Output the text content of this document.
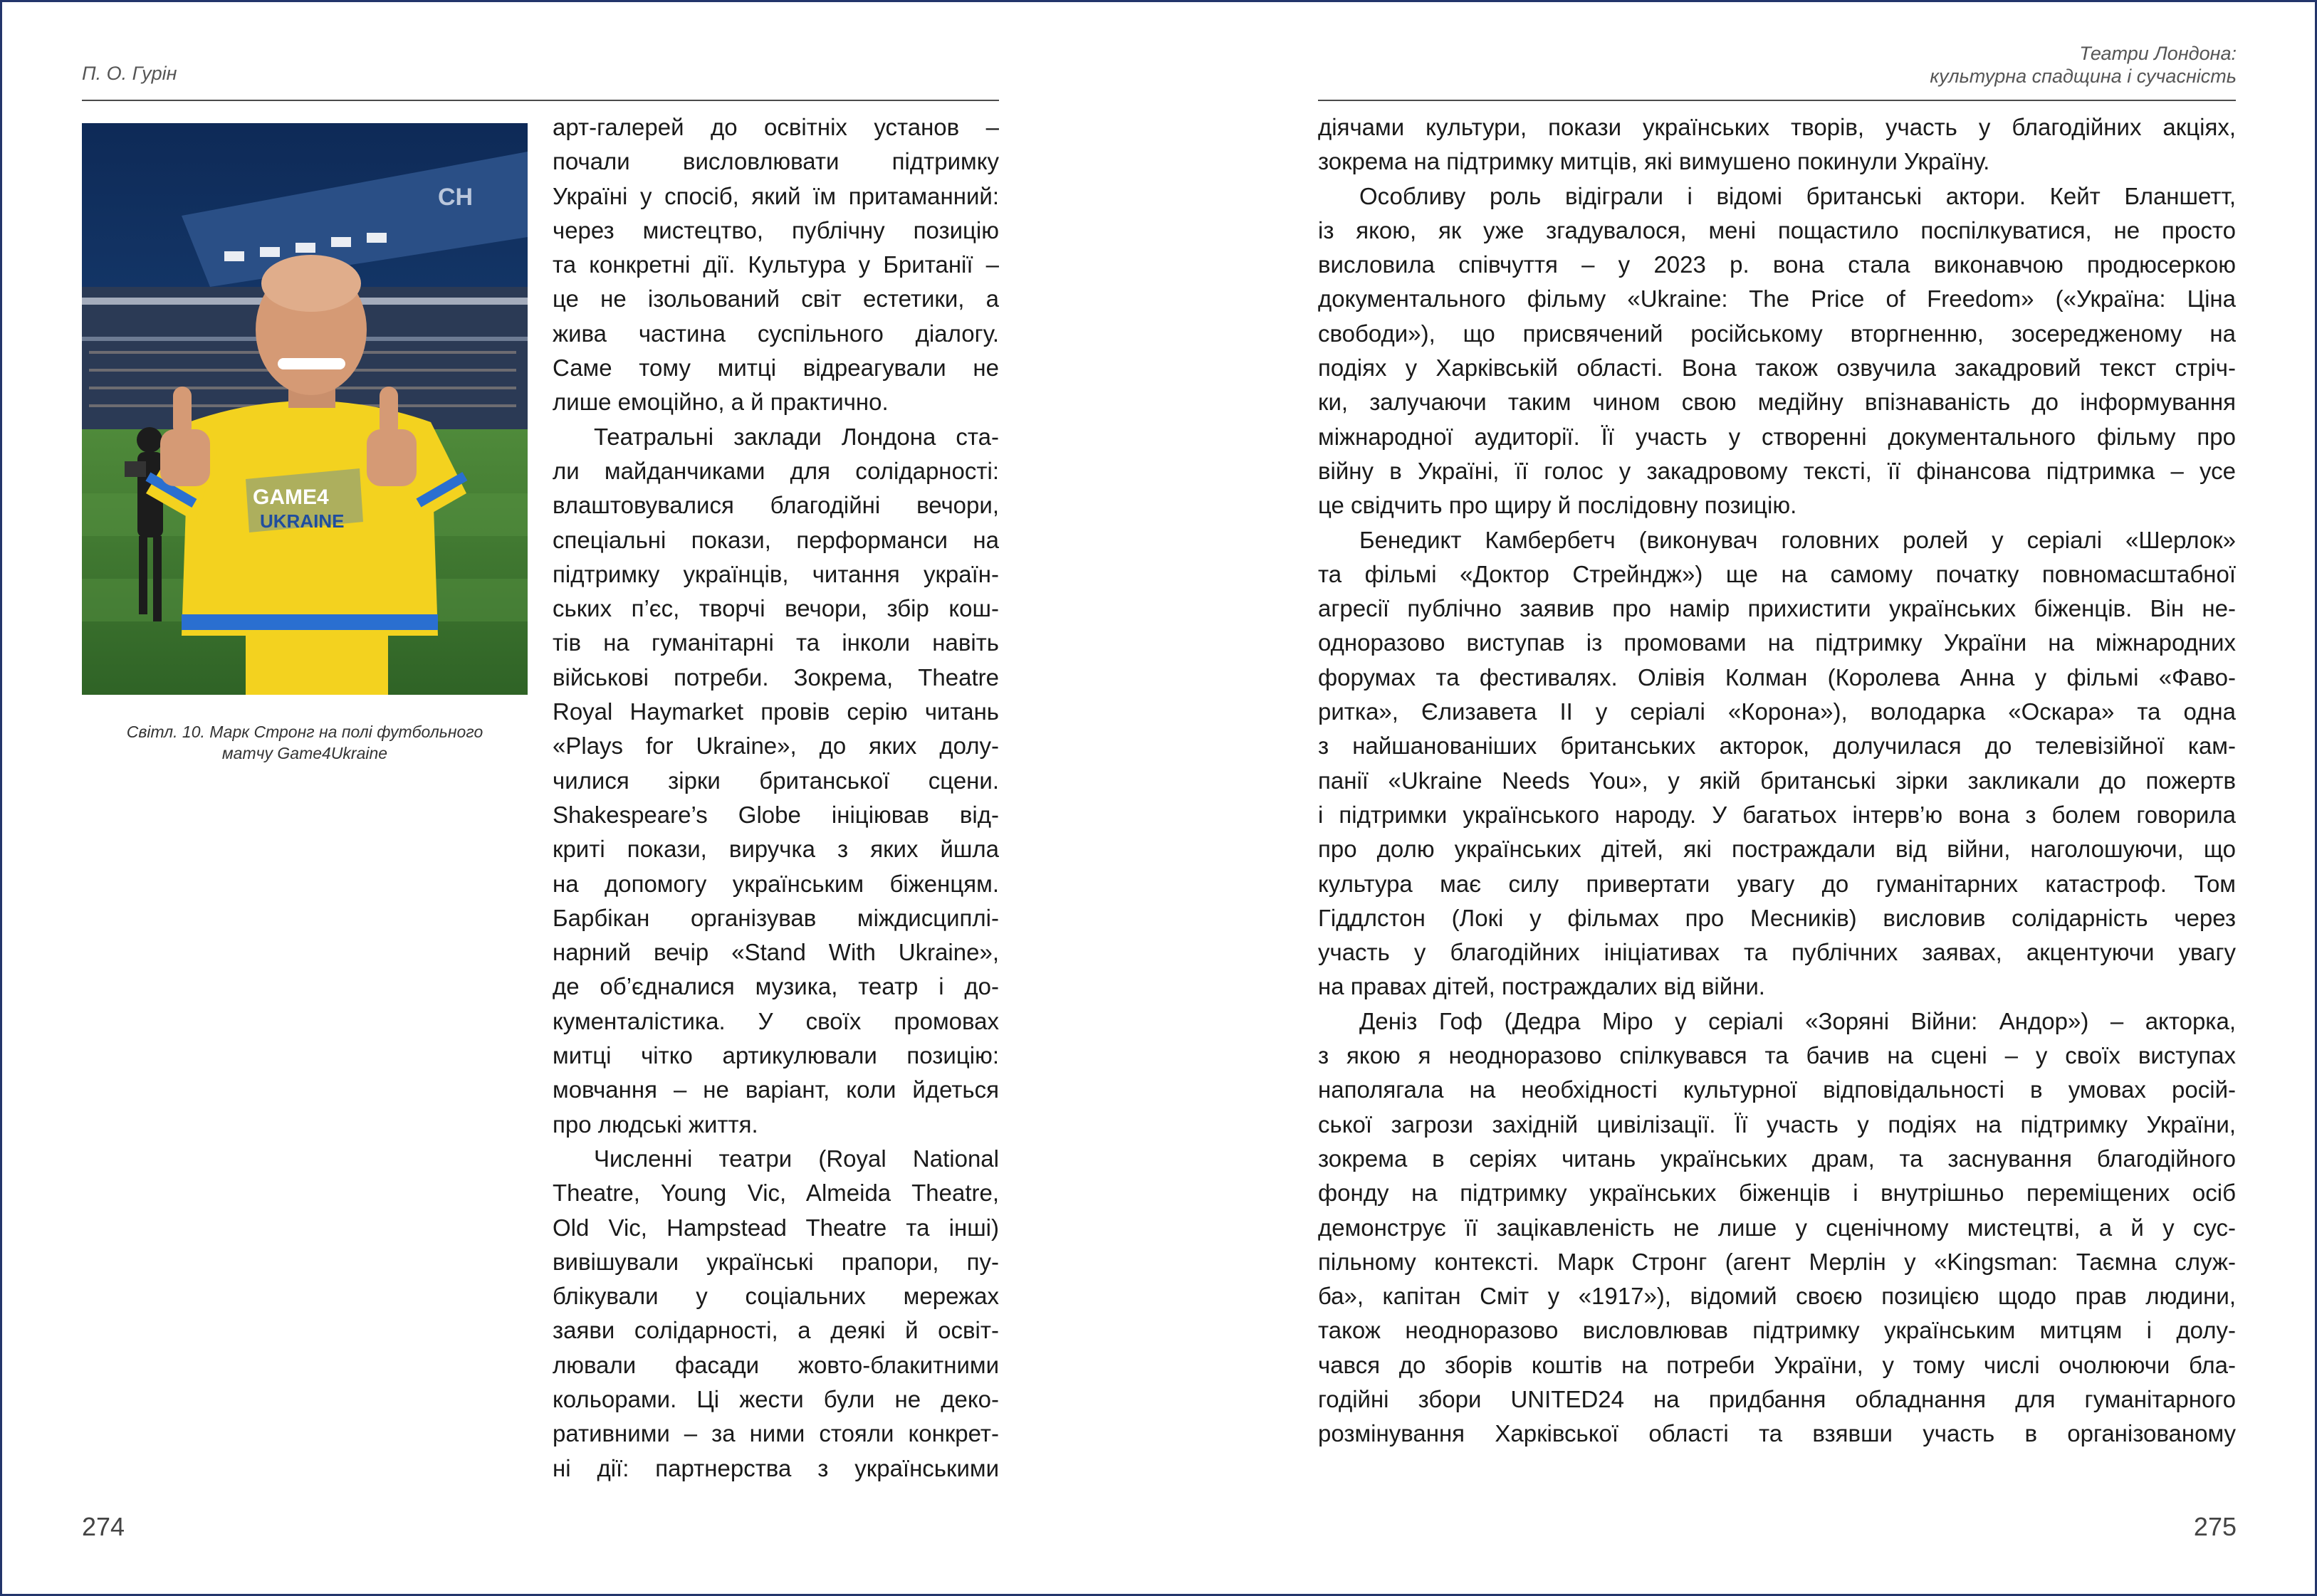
П. О. Гурін
CH
GAME4
UKRAINE
Світл. 10. Марк Стронг на полі футбольного
матчу Game4Ukraine
арт-галерей до освітніх установ –
почали висловлювати підтримку
Україні у спосіб, який їм притаманний:
через мистецтво, публічну позицію
та конкретні дії. Культура у Британії –
це не ізольований світ естетики, а
жива частина суспільного діалогу.
Саме тому митці відреагували не
лише емоційно, а й практично.
Театральні заклади Лондона ста-
ли майданчиками для солідарності:
влаштовувалися благодійні вечори,
спеціальні покази, перформанси на
підтримку українців, читання україн-
ських п’єс, творчі вечори, збір кош-
тів на гуманітарні та інколи навіть
військові потреби. Зокрема, Theatre
Royal Haymarket провів серію читань
«Plays for Ukraine», до яких долу-
чилися зірки британської сцени.
Shakespeare’s Globe ініціював від-
криті покази, виручка з яких йшла
на допомогу українським біженцям.
Барбікан організував міждисциплі-
нарний вечір «Stand With Ukraine»,
де об’єдналися музика, театр і до-
кументалістика. У своїх промовах
митці чітко артикулювали позицію:
мовчання – не варіант, коли йдеться
про людські життя.
Численні театри (Royal National
Theatre, Young Vic, Almeida Theatre,
Old Vic, Hampstead Theatre та інші)
вивішували українські прапори, пу-
блікували у соціальних мережах
заяви солідарності, а деякі й освіт-
лювали фасади жовто-блакитними
кольорами. Ці жести були не деко-
ративними – за ними стояли конкрет-
ні дії: партнерства з українськими
274
Театри Лондона:
культурна спадщина і сучасність
діячами культури, покази українських творів, участь у благодійних акціях,
зокрема на підтримку митців, які вимушено покинули Україну.
Особливу роль відіграли і відомі британські актори. Кейт Бланшетт,
із якою, як уже згадувалося, мені пощастило поспілкуватися, не просто
висловила співчуття – у 2023 р. вона стала виконавчою продюсеркою
документального фільму «Ukraine: The Price of Freedom» («Україна: Ціна
свободи»), що присвячений російському вторгненню, зосередженому на
подіях у Харківській області. Вона також озвучила закадровий текст стріч-
ки, залучаючи таким чином свою медійну впізнаваність до інформування
міжнародної аудиторії. Її участь у створенні документального фільму про
війну в Україні, її голос у закадровому тексті, її фінансова підтримка – усе
це свідчить про щиру й послідовну позицію.
Бенедикт Камбербетч (виконувач головних ролей у серіалі «Шерлок»
та фільмі «Доктор Стрейндж») ще на самому початку повномасштабної
агресії публічно заявив про намір прихистити українських біженців. Він не-
одноразово виступав із промовами на підтримку України на міжнародних
форумах та фестивалях. Олівія Колман (Королева Анна у фільмі «Фаво-
ритка», Єлизавета II у серіалі «Корона»), володарка «Оскара» та одна
з найшанованіших британських акторок, долучилася до телевізійної кам-
панії «Ukraine Needs You», у якій британські зірки закликали до пожертв
і підтримки українського народу. У багатьох інтерв’ю вона з болем говорила
про долю українських дітей, які постраждали від війни, наголошуючи, що
культура має силу привертати увагу до гуманітарних катастроф. Том
Гіддлстон (Локі у фільмах про Месників) висловив солідарність через
участь у благодійних ініціативах та публічних заявах, акцентуючи увагу
на правах дітей, постраждалих від війни.
Деніз Гоф (Дедра Міро у серіалі «Зоряні Війни: Андор») – акторка,
з якою я неодноразово спілкувався та бачив на сцені – у своїх виступах
наполягала на необхідності культурної відповідальності в умовах росій-
ської загрози західній цивілізації. Її участь у подіях на підтримку України,
зокрема в серіях читань українських драм, та заснування благодійного
фонду на підтримку українських біженців і внутрішньо переміщених осіб
демонструє її зацікавленість не лише у сценічному мистецтві, а й у сус-
пільному контексті. Марк Стронг (агент Мерлін у «Kingsman: Таємна служ-
ба», капітан Сміт у «1917»), відомий своєю позицією щодо прав людини,
також неодноразово висловлював підтримку українським митцям і долу-
чався до зборів коштів на потреби України, у тому числі очолюючи бла-
годійні збори UNITED24 на придбання обладнання для гуманітарного
розмінування Харківської області та взявши участь в організованому
275
